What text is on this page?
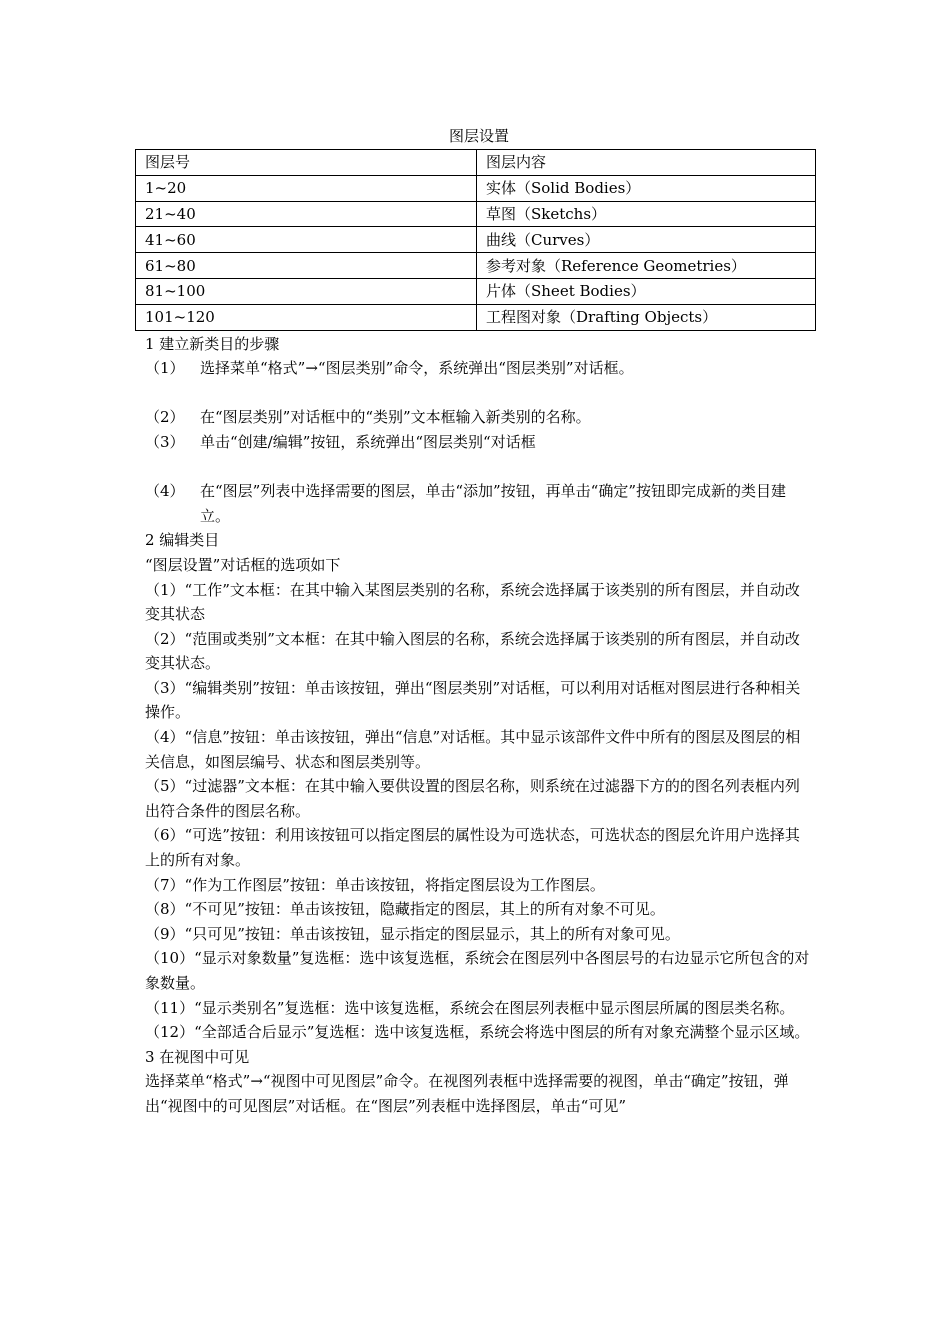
图层设置
图层号	图层内容
1~20	实体（Solid Bodies）
21~40	草图（Sketchs）
41~60	曲线（Curves）
61~80	参考对象（Reference Geometries）
81~100	片体（Sheet Bodies）
101~120	工程图对象（Drafting Objects）

1 建立新类目的步骤

（1）	选择菜单“格式”→“图层类别”命令，系统弹出“图层类别”对话框。
（2）	在“图层类别”对话框中的“类别”文本框输入新类别的名称。
（3）	单击“创建/编辑”按钮，系统弹出“图层类别“对话框
（4）	在“图层”列表中选择需要的图层，单击“添加”按钮，再单击“确定”按钮即完成新的类目建立。

2 编辑类目

“图层设置”对话框的选项如下

（1）“工作”文本框：在其中输入某图层类别的名称，系统会选择属于该类别的所有图层，并自动改变其状态

（2）“范围或类别”文本框：在其中输入图层的名称，系统会选择属于该类别的所有图层，并自动改变其状态。

（3）“编辑类别”按钮：单击该按钮，弹出“图层类别”对话框，可以利用对话框对图层进行各种相关操作。

（4）“信息”按钮：单击该按钮，弹出“信息”对话框。其中显示该部件文件中所有的图层及图层的相关信息，如图层编号、状态和图层类别等。

（5）“过滤器”文本框：在其中输入要供设置的图层名称，则系统在过滤器下方的的图名列表框内列出符合条件的图层名称。

（6）“可选”按钮：利用该按钮可以指定图层的属性设为可选状态，可选状态的图层允许用户选择其上的所有对象。

（7）“作为工作图层”按钮：单击该按钮，将指定图层设为工作图层。

（8）“不可见”按钮：单击该按钮，隐藏指定的图层，其上的所有对象不可见。

（9）“只可见”按钮：单击该按钮，显示指定的图层显示，其上的所有对象可见。

（10）“显示对象数量”复选框：选中该复选框，系统会在图层列中各图层号的右边显示它所包含的对象数量。

（11）“显示类别名”复选框：选中该复选框，系统会在图层列表框中显示图层所属的图层类名称。

（12）“全部适合后显示”复选框：选中该复选框，系统会将选中图层的所有对象充满整个显示区域。

3 在视图中可见

选择菜单“格式”→“视图中可见图层”命令。在视图列表框中选择需要的视图，单击“确定”按钮，弹出“视图中的可见图层”对话框。在“图层”列表框中选择图层，单击“可见”
